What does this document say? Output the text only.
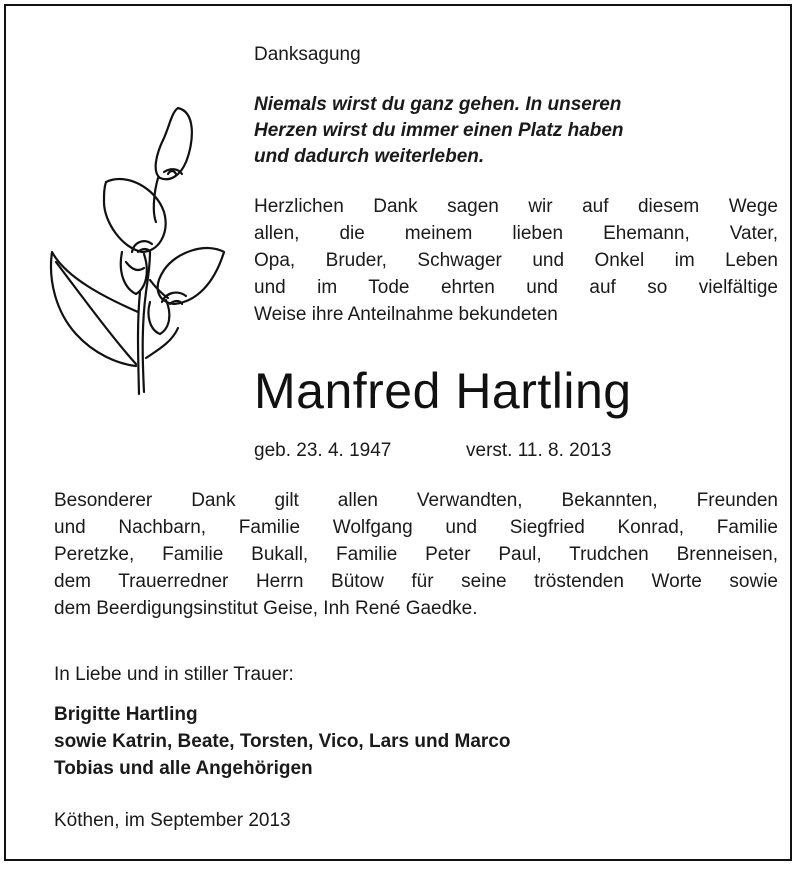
Danksagung
Niemals wirst du ganz gehen. In unseren
Herzen wirst du immer einen Platz haben
und dadurch weiterleben.
Herzlichen Dank sagen wir auf diesem Wege
allen, die meinem lieben Ehemann, Vater,
Opa, Bruder, Schwager und Onkel im Leben
und im Tode ehrten und auf so vielfältige
Weise ihre Anteilnahme bekundeten
Manfred Hartling
geb. 23. 4. 1947	verst. 11. 8. 2013
Besonderer Dank gilt allen Verwandten, Bekannten, Freunden
und Nachbarn, Familie Wolfgang und Siegfried Konrad, Familie
Peretzke, Familie Bukall, Familie Peter Paul, Trudchen Brenneisen,
dem Trauerredner Herrn Bütow für seine tröstenden Worte sowie
dem Beerdigungsinstitut Geise, Inh René Gaedke.
In Liebe und in stiller Trauer:
Brigitte Hartling
sowie Katrin, Beate, Torsten, Vico, Lars und Marco
Tobias und alle Angehörigen
Köthen, im September 2013
